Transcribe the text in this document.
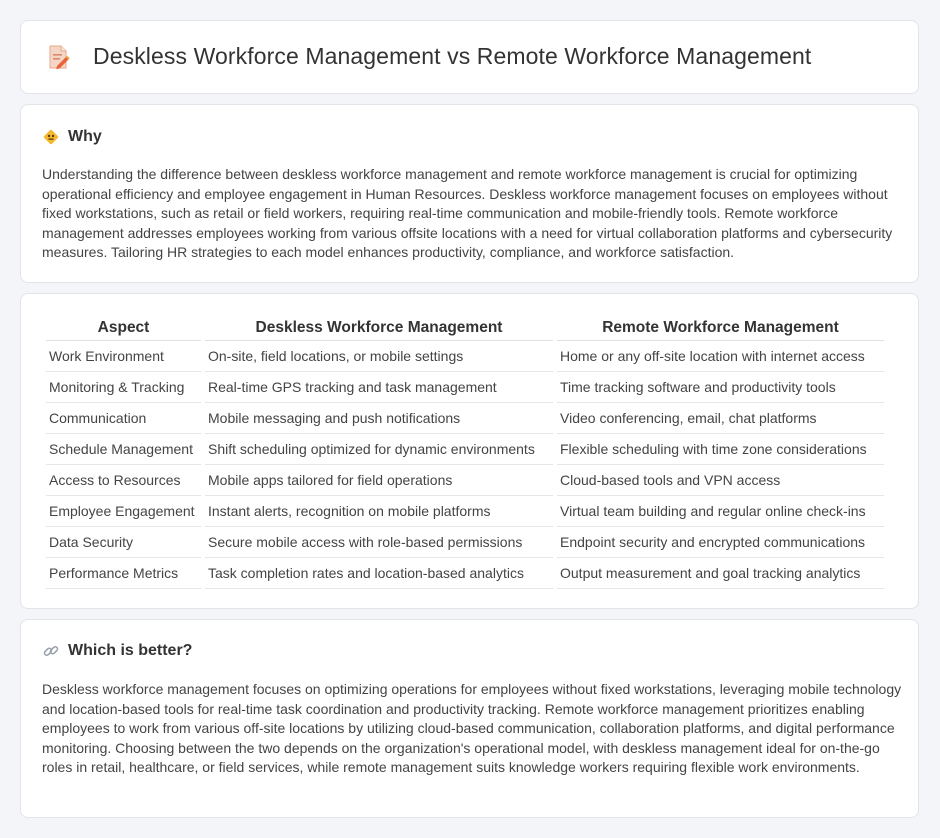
Deskless Workforce Management vs Remote Workforce Management
Why

Understanding the difference between deskless workforce management and remote workforce management is crucial for optimizing operational efficiency and employee engagement in Human Resources. Deskless workforce management focuses on employees without fixed workstations, such as retail or field workers, requiring real-time communication and mobile-friendly tools. Remote workforce management addresses employees working from various offsite locations with a need for virtual collaboration platforms and cybersecurity measures. Tailoring HR strategies to each model enhances productivity, compliance, and workforce satisfaction.

Aspect	Deskless Workforce Management	Remote Workforce Management
Work Environment	On-site, field locations, or mobile settings	Home or any off-site location with internet access
Monitoring & Tracking	Real-time GPS tracking and task management	Time tracking software and productivity tools
Communication	Mobile messaging and push notifications	Video conferencing, email, chat platforms
Schedule Management	Shift scheduling optimized for dynamic environments	Flexible scheduling with time zone considerations
Access to Resources	Mobile apps tailored for field operations	Cloud-based tools and VPN access
Employee Engagement	Instant alerts, recognition on mobile platforms	Virtual team building and regular online check-ins
Data Security	Secure mobile access with role-based permissions	Endpoint security and encrypted communications
Performance Metrics	Task completion rates and location-based analytics	Output measurement and goal tracking analytics
Which is better?

Deskless workforce management focuses on optimizing operations for employees without fixed workstations, leveraging mobile technology and location-based tools for real-time task coordination and productivity tracking. Remote workforce management prioritizes enabling employees to work from various off-site locations by utilizing cloud-based communication, collaboration platforms, and digital performance monitoring. Choosing between the two depends on the organization's operational model, with deskless management ideal for on-the-go roles in retail, healthcare, or field services, while remote management suits knowledge workers requiring flexible work environments.
